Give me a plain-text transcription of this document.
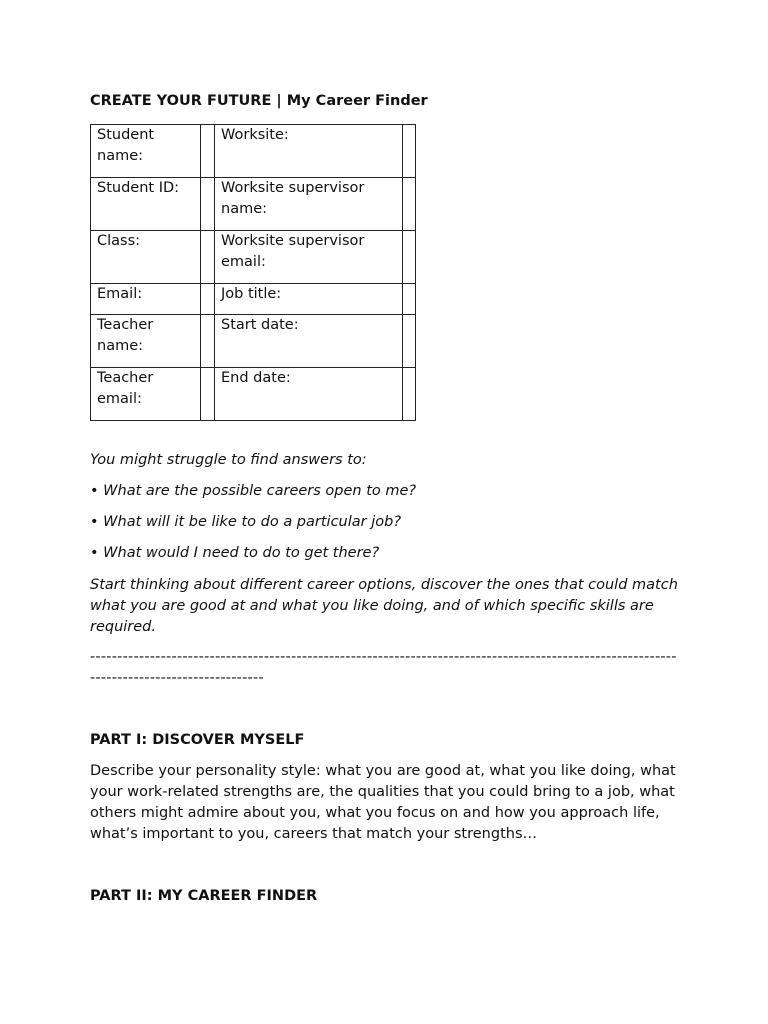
CREATE YOUR FUTURE | My Career Finder
Student name:		Worksite:	
Student ID:		Worksite supervisor name:	
Class:		Worksite supervisor email:	
Email:		Job title:	
Teacher name:		Start date:	
Teacher email:		End date:	

You might struggle to find answers to:

• What are the possible careers open to me?

• What will it be like to do a particular job?

• What would I need to do to get there?

Start thinking about different career options, discover the ones that could match what you are good at and what you like doing, and of which specific skills are required.

--------------------------------------------------------------------------------------------------------------------------------------------

PART I: DISCOVER MYSELF

Describe your personality style: what you are good at, what you like doing, what your work-related strengths are, the qualities that you could bring to a job, what others might admire about you, what you focus on and how you approach life, what’s important to you, careers that match your strengths…

PART II: MY CAREER FINDER
